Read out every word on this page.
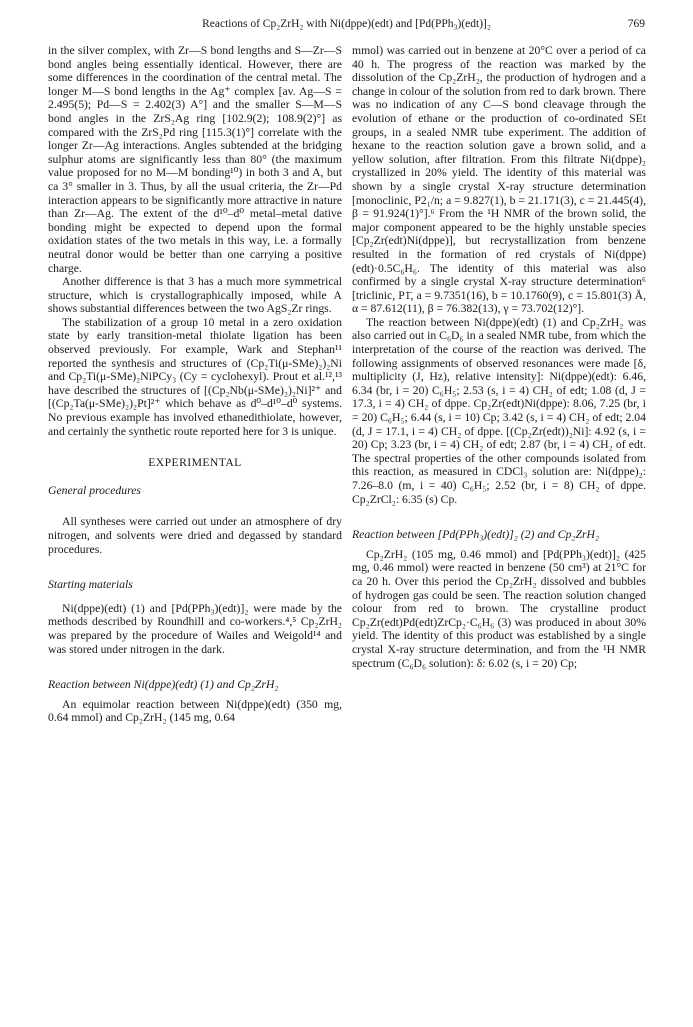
Reactions of Cp₂ZrH₂ with Ni(dppe)(edt) and [Pd(PPh₃)(edt)]₂	769

in the silver complex, with Zr—S bond lengths and S—Zr—S bond angles being essentially identical. However, there are some differences in the coordination of the central metal. The longer M—S bond lengths in the Ag⁺ complex [av. Ag—S = 2.495(5); Pd—S = 2.402(3) A°] and the smaller S—M—S bond angles in the ZrS₂Ag ring [102.9(2); 108.9(2)°] as compared with the ZrS₂Pd ring [115.3(1)°] correlate with the longer Zr—Ag interactions. Angles subtended at the bridging sulphur atoms are significantly less than 80° (the maximum value proposed for no M—M bonding¹⁰) in both 3 and A, but ca 3° smaller in 3. Thus, by all the usual criteria, the Zr—Pd interaction appears to be significantly more attractive in nature than Zr—Ag. The extent of the d¹⁰–d⁰ metal–metal dative bonding might be expected to depend upon the formal oxidation states of the two metals in this way, i.e. a formally neutral donor would be better than one carrying a positive charge.

Another difference is that 3 has a much more symmetrical structure, which is crystallographically imposed, while A shows substantial differences between the two AgS₂Zr rings.

The stabilization of a group 10 metal in a zero oxidation state by early transition-metal thiolate ligation has been observed previously. For example, Wark and Stephan¹¹ reported the synthesis and structures of (Cp₂Ti(μ-SMe)₂)₂Ni and Cp₂Ti(μ-SMe)₂NiPCy₃ (Cy = cyclohexyl). Prout et al.¹²,¹³ have described the structures of [(Cp₂Nb(μ-SMe)₂)₂Ni]²⁺ and [(Cp₂Ta(μ-SMe)₂)₂Pt]²⁺ which behave as d⁰–d¹⁰–d⁰ systems. No previous example has involved ethanedithiolate, however, and certainly the synthetic route reported here for 3 is unique.

EXPERIMENTAL
General procedures

All syntheses were carried out under an atmosphere of dry nitrogen, and solvents were dried and degassed by standard procedures.

Starting materials

Ni(dppe)(edt) (1) and [Pd(PPh₃)(edt)]₂ were made by the methods described by Roundhill and co-workers.⁴,⁵ Cp₂ZrH₂ was prepared by the procedure of Wailes and Weigold¹⁴ and was stored under nitrogen in the dark.

Reaction between Ni(dppe)(edt) (1) and Cp₂ZrH₂

An equimolar reaction between Ni(dppe)(edt) (350 mg, 0.64 mmol) and Cp₂ZrH₂ (145 mg, 0.64

mmol) was carried out in benzene at 20°C over a period of ca 40 h. The progress of the reaction was marked by the dissolution of the Cp₂ZrH₂, the production of hydrogen and a change in colour of the solution from red to dark brown. There was no indication of any C—S bond cleavage through the evolution of ethane or the production of co-ordinated SEt groups, in a sealed NMR tube experiment. The addition of hexane to the reaction solution gave a brown solid, and a yellow solution, after filtration. From this filtrate Ni(dppe)₂ crystallized in 20% yield. The identity of this material was shown by a single crystal X-ray structure determination [monoclinic, P2₁/n; a = 9.827(1), b = 21.171(3), c = 21.445(4), β = 91.924(1)°].⁶ From the ¹H NMR of the brown solid, the major component appeared to be the highly unstable species [Cp₂Zr(edt)Ni(dppe)], but recrystallization from benzene resulted in the formation of red crystals of Ni(dppe)(edt)·0.5C₆H₆. The identity of this material was also confirmed by a single crystal X-ray structure determination⁶ [triclinic, P1̄, a = 9.7351(16), b = 10.1760(9), c = 15.801(3) Å, α = 87.612(11), β = 76.382(13), γ = 73.702(12)°].

The reaction between Ni(dppe)(edt) (1) and Cp₂ZrH₂ was also carried out in C₆D₆ in a sealed NMR tube, from which the interpretation of the course of the reaction was derived. The following assignments of observed resonances were made [δ, multiplicity (J, Hz), relative intensity]: Ni(dppe)(edt): 6.46, 6.34 (br, i = 20) C₆H₅; 2.53 (s, i = 4) CH₂ of edt; 1.08 (d, J = 17.3, i = 4) CH₂ of dppe. Cp₂Zr(edt)Ni(dppe): 8.06, 7.25 (br, i = 20) C₆H₅; 6.44 (s, i = 10) Cp; 3.42 (s, i = 4) CH₂ of edt; 2.04 (d, J = 17.1, i = 4) CH₂ of dppe. [(Cp₂Zr(edt))₂Ni]: 4.92 (s, i = 20) Cp; 3.23 (br, i = 4) CH₂ of edt; 2.87 (br, i = 4) CH₂ of edt. The spectral properties of the other compounds isolated from this reaction, as measured in CDCl₃ solution are: Ni(dppe)₂: 7.26–8.0 (m, i = 40) C₆H₅; 2.52 (br, i = 8) CH₂ of dppe. Cp₂ZrCl₂: 6.35 (s) Cp.

Reaction between [Pd(PPh₃)(edt)]₂ (2) and Cp₂ZrH₂

Cp₂ZrH₂ (105 mg, 0.46 mmol) and [Pd(PPh₃)(edt)]₂ (425 mg, 0.46 mmol) were reacted in benzene (50 cm³) at 21°C for ca 20 h. Over this period the Cp₂ZrH₂ dissolved and bubbles of hydrogen gas could be seen. The reaction solution changed colour from red to brown. The crystalline product Cp₂Zr(edt)Pd(edt)ZrCp₂·C₆H₆ (3) was produced in about 30% yield. The identity of this product was established by a single crystal X-ray structure determination, and from the ¹H NMR spectrum (C₆D₆ solution): δ: 6.02 (s, i = 20) Cp;
